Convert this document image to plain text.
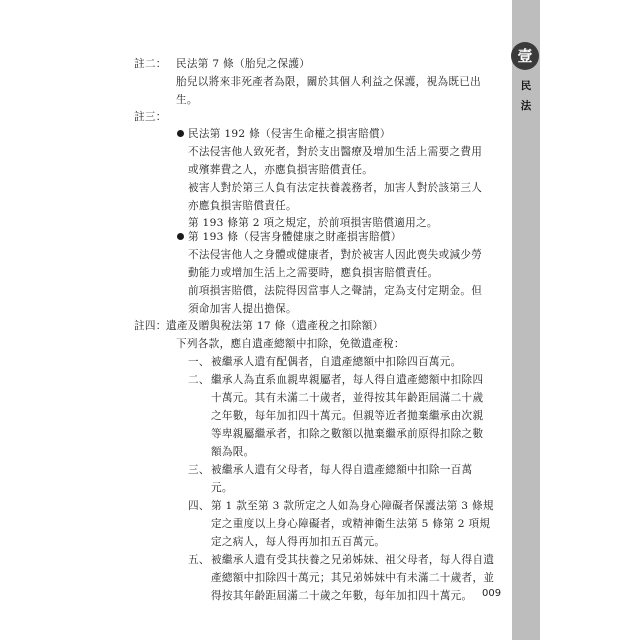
壹
民
法
註二： 民法第 7 條（胎兒之保護）
胎兒以將來非死產者為限，關於其個人利益之保護，視為既已出
生。
註三：
民法第 192 條（侵害生命權之損害賠償）
不法侵害他人致死者，對於支出醫療及增加生活上需要之費用
或殯葬費之人，亦應負損害賠償責任。
被害人對於第三人負有法定扶養義務者，加害人對於該第三人
亦應負損害賠償責任。
第 193 條第 2 項之規定，於前項損害賠償適用之。
第 193 條（侵害身體健康之財產損害賠償）
不法侵害他人之身體或健康者，對於被害人因此喪失或減少勞
動能力或增加生活上之需要時，應負損害賠償責任。
前項損害賠償，法院得因當事人之聲請，定為支付定期金。但
須命加害人提出擔保。
註四： 遺產及贈與稅法第 17 條（遺產稅之扣除額）
下列各款，應自遺產總額中扣除，免徵遺產稅：
一、 被繼承人遺有配偶者，自遺產總額中扣除四百萬元。
二、 繼承人為直系血親卑親屬者，每人得自遺產總額中扣除四
十萬元。其有未滿二十歲者，並得按其年齡距屆滿二十歲
之年數，每年加扣四十萬元。但親等近者拋棄繼承由次親
等卑親屬繼承者，扣除之數額以拋棄繼承前原得扣除之數
額為限。
三、 被繼承人遺有父母者，每人得自遺產總額中扣除一百萬
元。
四、 第 1 款至第 3 款所定之人如為身心障礙者保護法第 3 條規
定之重度以上身心障礙者，或精神衛生法第 5 條第 2 項規
定之病人，每人得再加扣五百萬元。
五、 被繼承人遺有受其扶養之兄弟姊妹、祖父母者，每人得自遺
產總額中扣除四十萬元；其兄弟姊妹中有未滿二十歲者，並
得按其年齡距屆滿二十歲之年數，每年加扣四十萬元。 009
